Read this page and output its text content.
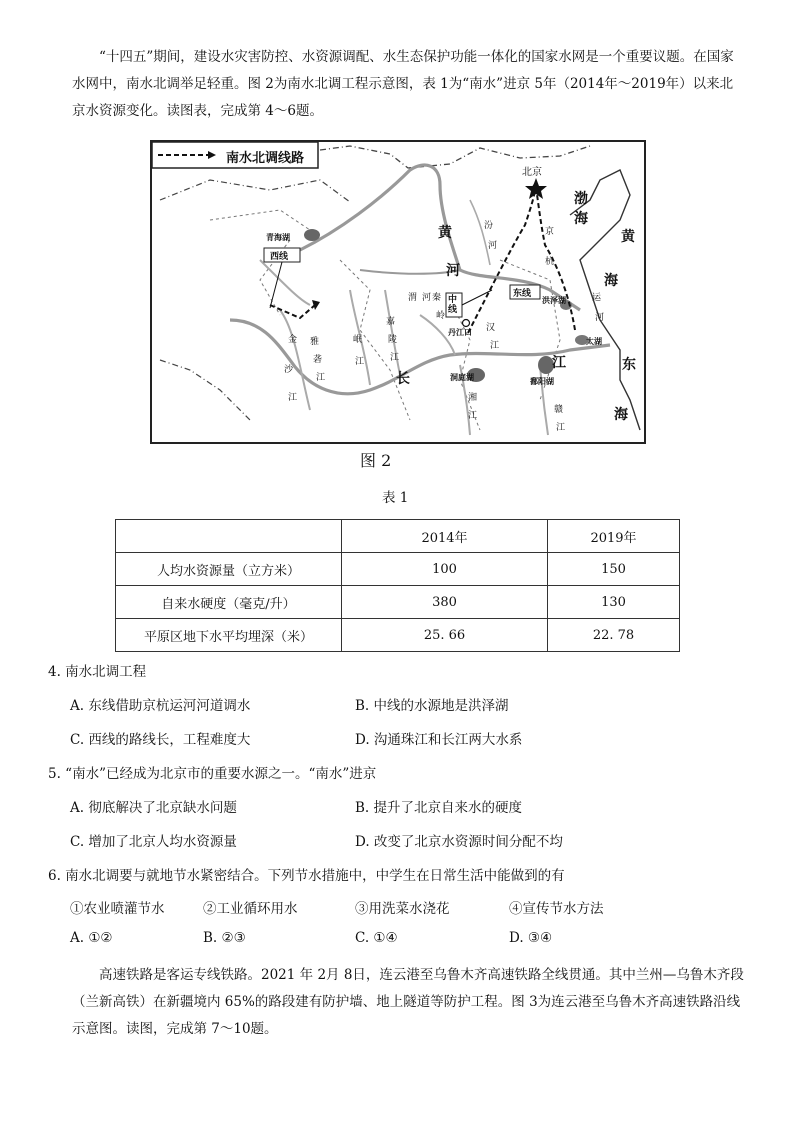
“十四五”期间，建设水灾害防控、水资源调配、水生态保护功能一体化的国家水网是一个重要议题。在国家水网中，南水北调举足轻重。图 2为南水北调工程示意图，表 1为“南水”进京 5年（2014年～2019年）以来北京水资源变化。读图表，完成第 4～6题。
南水北调线路
北京
渤
海
黄
海
东
海
青海湖
西线
中线
东线
丹江口
太湖
洪泽湖
洞庭湖	鄱阳湖
黄
河
长
江
金
沙
江
雅
砻
江
岷
江
嘉
陵
江
渭 河
汾
河
汉
江
湘
江
赣
江
运
河
京
杭
秦
岭
图 2
表 1
	2014年	2019年
人均水资源量（立方米）	100	150
自来水硬度（毫克/升）	380	130
平原区地下水平均埋深（米）	25. 66	22. 78
4. 南水北调工程
A. 东线借助京杭运河河道调水	B. 中线的水源地是洪泽湖
C. 西线的路线长，工程难度大	D. 沟通珠江和长江两大水系
5. “南水”已经成为北京市的重要水源之一。“南水”进京
A. 彻底解决了北京缺水问题	B. 提升了北京自来水的硬度
C. 增加了北京人均水资源量	D. 改变了北京水资源时间分配不均
6. 南水北调要与就地节水紧密结合。下列节水措施中，中学生在日常生活中能做到的有
①农业喷灌节水	②工业循环用水	③用洗菜水浇花	④宣传节水方法
A. ①②	B. ②③	C. ①④	D. ③④
高速铁路是客运专线铁路。2021 年 2月 8日，连云港至乌鲁木齐高速铁路全线贯通。其中兰州—乌鲁木齐段（兰新高铁）在新疆境内 65%的路段建有防护墙、地上隧道等防护工程。图 3为连云港至乌鲁木齐高速铁路沿线示意图。读图，完成第 7～10题。
